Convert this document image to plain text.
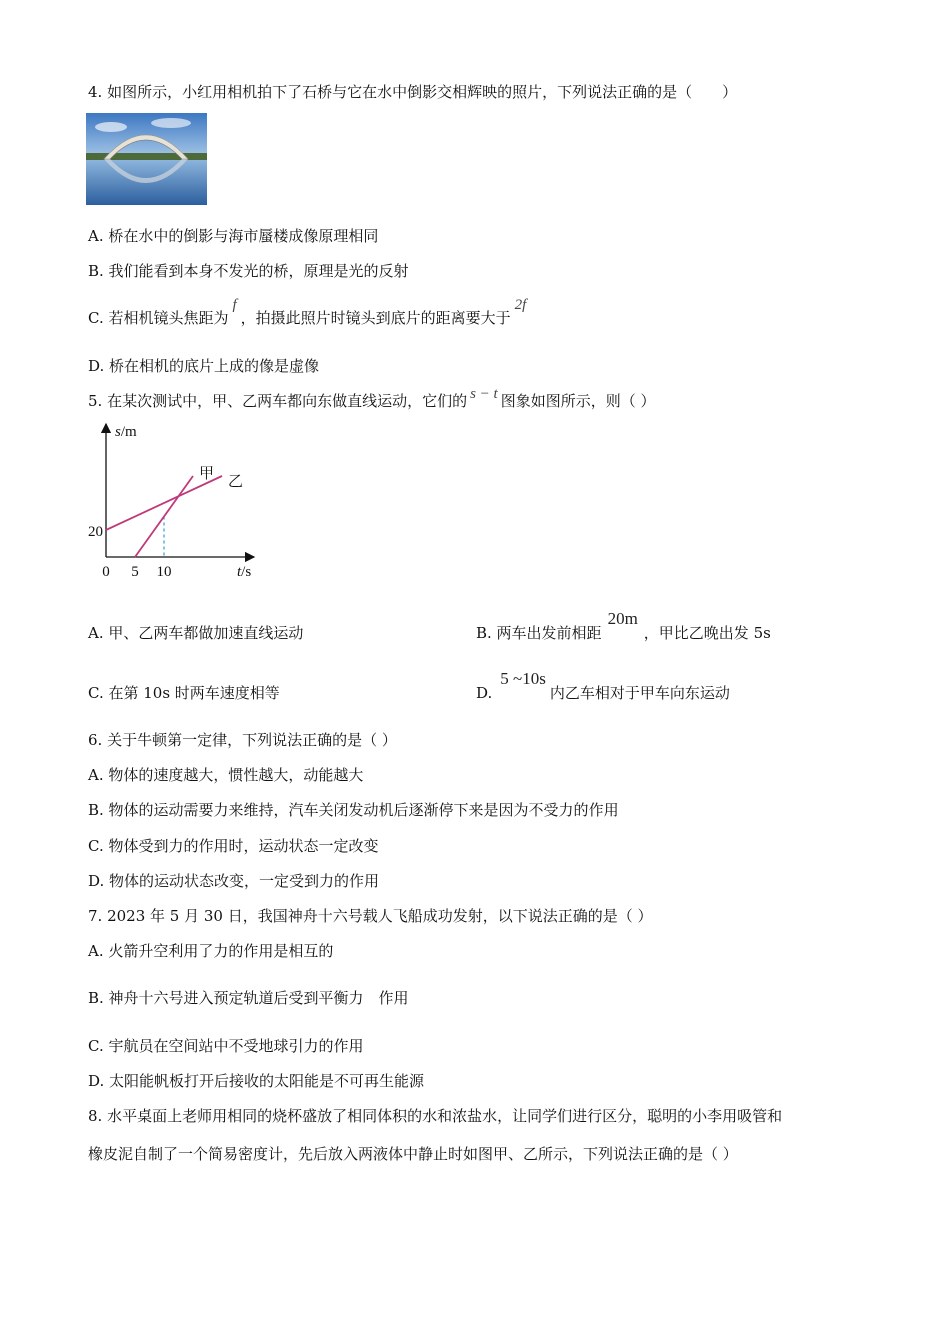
4. 如图所示，小红用相机拍下了石桥与它在水中倒影交相辉映的照片，下列说法正确的是（　　）
A. 桥在水中的倒影与海市蜃楼成像原理相同
B. 我们能看到本身不发光的桥，原理是光的反射
C. 若相机镜头焦距为f，拍摄此照片时镜头到底片的距离要大于2f
D. 桥在相机的底片上成的像是虚像
5. 在某次测试中，甲、乙两车都向东做直线运动，它们的 s − t 图象如图所示，则（ ）
s/m
t/s
甲 乙
0 5 10
20
A. 甲、乙两车都做加速直线运动	B. 两车出发前相距20m，甲比乙晚出发 5s
C. 在第 10s 时两车速度相等	D.5 ~10s内乙车相对于甲车向东运动
6. 关于牛顿第一定律，下列说法正确的是（ ）
A. 物体的速度越大，惯性越大，动能越大
B. 物体的运动需要力来维持，汽车关闭发动机后逐渐停下来是因为不受力的作用
C. 物体受到力的作用时，运动状态一定改变
D. 物体的运动状态改变，一定受到力的作用
7. 2023 年 5 月 30 日，我国神舟十六号载人飞船成功发射，以下说法正确的是（ ）
A. 火箭升空利用了力的作用是相互的
B. 神舟十六号进入预定轨道后受到平衡力　作用
C. 宇航员在空间站中不受地球引力的作用
D. 太阳能帆板打开后接收的太阳能是不可再生能源
8. 水平桌面上老师用相同的烧杯盛放了相同体积的水和浓盐水，让同学们进行区分，聪明的小李用吸管和
橡皮泥自制了一个简易密度计，先后放入两液体中静止时如图甲、乙所示，下列说法正确的是（ ）
